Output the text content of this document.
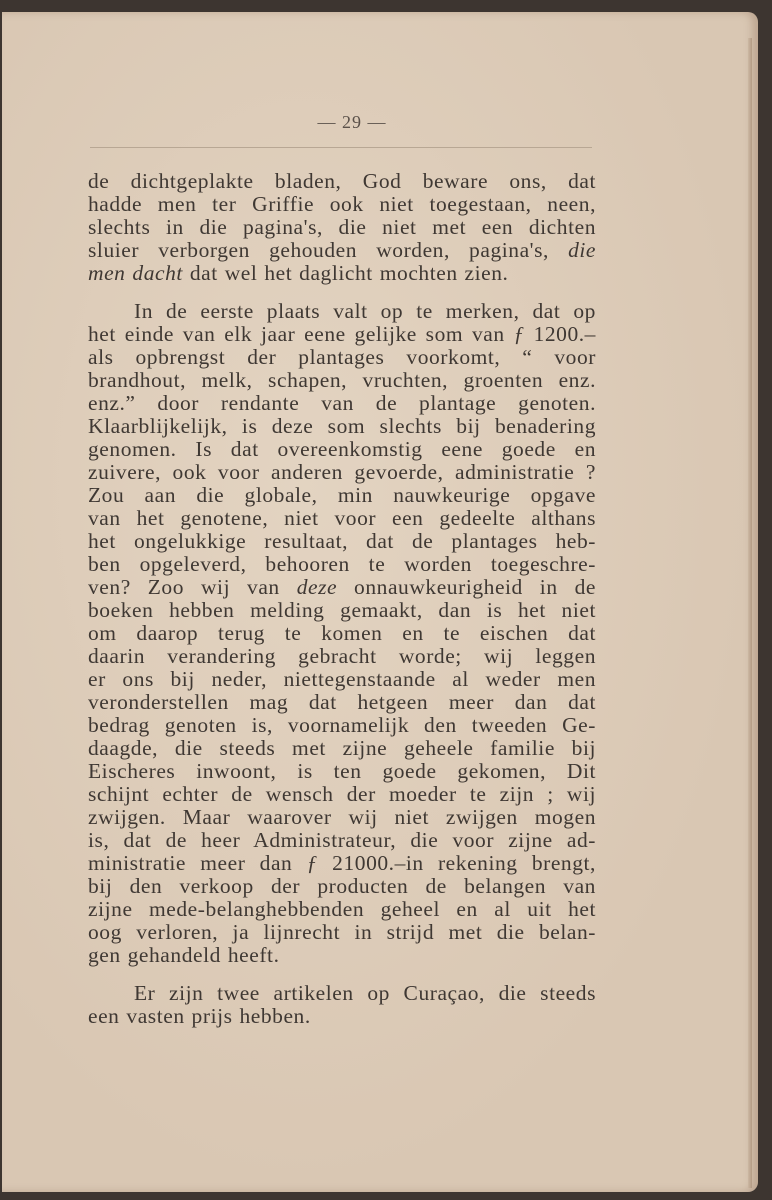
— 29 —
de dichtgeplakte bladen, God beware ons, dat
hadde men ter Griffie ook niet toegestaan, neen,
slechts in die pagina's, die niet met een dichten
sluier verborgen gehouden worden, pagina's, die
men dacht dat wel het daglicht mochten zien.
In de eerste plaats valt op te merken, dat op
het einde van elk jaar eene gelijke som van ƒ 1200.–
als opbrengst der plantages voorkomt, “ voor
brandhout, melk, schapen, vruchten, groenten enz.
enz.” door rendante van de plantage genoten.
Klaarblijkelijk, is deze som slechts bij benadering
genomen. Is dat overeenkomstig eene goede en
zuivere, ook voor anderen gevoerde, administratie ?
Zou aan die globale, min nauwkeurige opgave
van het genotene, niet voor een gedeelte althans
het ongelukkige resultaat, dat de plantages heb-
ben opgeleverd, behooren te worden toegeschre-
ven? Zoo wij van deze onnauwkeurigheid in de
boeken hebben melding gemaakt, dan is het niet
om daarop terug te komen en te eischen dat
daarin verandering gebracht worde; wij leggen
er ons bij neder, niettegenstaande al weder men
veronderstellen mag dat hetgeen meer dan dat
bedrag genoten is, voornamelijk den tweeden Ge-
daagde, die steeds met zijne geheele familie bij
Eischeres inwoont, is ten goede gekomen, Dit
schijnt echter de wensch der moeder te zijn ; wij
zwijgen. Maar waarover wij niet zwijgen mogen
is, dat de heer Administrateur, die voor zijne ad-
ministratie meer dan ƒ 21000.–in rekening brengt,
bij den verkoop der producten de belangen van
zijne mede-belanghebbenden geheel en al uit het
oog verloren, ja lijnrecht in strijd met die belan-
gen gehandeld heeft.
Er zijn twee artikelen op Curaçao, die steeds
een vasten prijs hebben.
